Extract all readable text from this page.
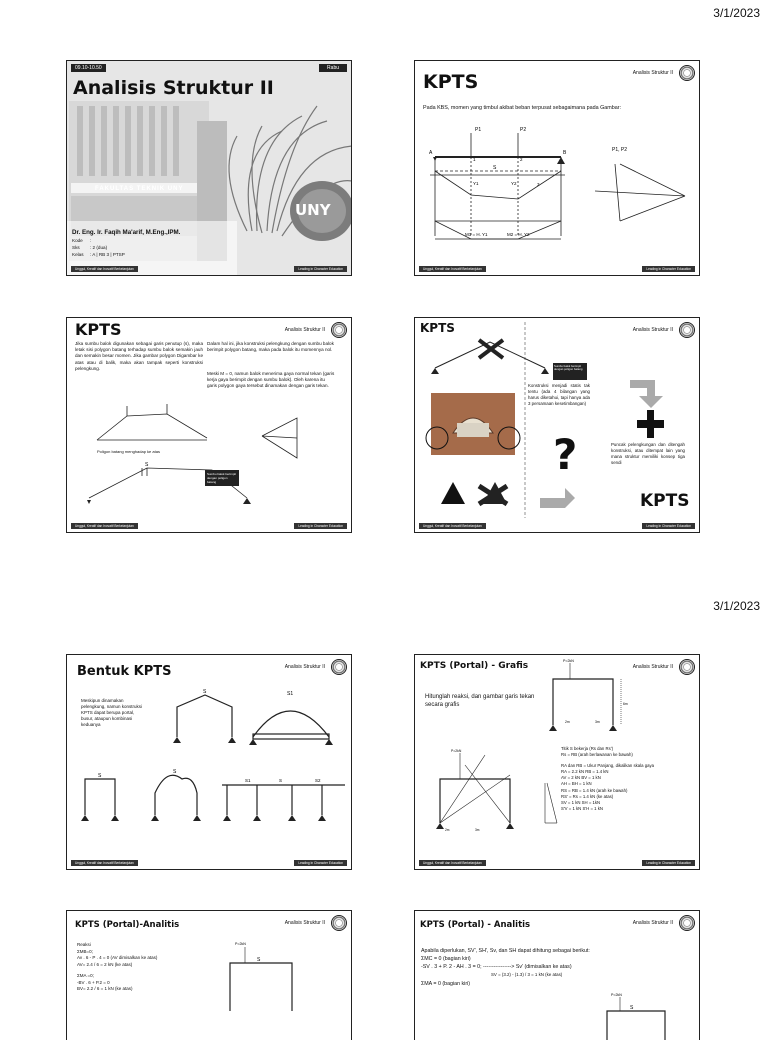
3/1/2023
3/1/2023
09.10-10.50	Rabu
Analisis Struktur II
FAKULTAS TEKNIK UNY
UNY
Dr. Eng. Ir. Faqih Ma'arif, M.Eng.,IPM.
Kode :
Sks : 2 (dua)
Kelas : A | RB 3 | PTSP
Unggul, Kreatif dan Inovatif Berkelanjutan	Leading in Character Education
KPTS	Analisis Struktur II
Pada KBS, momen yang timbul akibat beban terpusat sebagaimana pada Gambar:
P1	P2
A	B
S
1	2
3
Y1	Y2
M1 = H. Y1	M2 = H. Y2
P1, P2
Unggul, Kreatif dan Inovatif Berkelanjutan	Leading in Character Education
KPTS	Analisis Struktur II
Jika sumbu balok digunakan sebagai garis penutup (s), maka letak sisi polygon batang terhadap sumbu balok semakin jauh dan semakin besar momen. Jika gambar polygon Digambar ke atas atau di balik, maka akan tampak seperti konstruksi pelengkung.
Dalam hal ini, jika konstruksi pelengkung dengan sumbu balok berimpit polygon batang, maka pada balok itu momennya nol.
Meski M = 0, namun balok menerima gaya normal tekan (garis kerja gaya berimpit dengan sumbu balok). Oleh karena itu garis polygon gaya tersebut dinamakan dengan garis tekan.
S
Poligon batang menghadap ke atas
Sumbu balok berimpit dengan poligon batang
Unggul, Kreatif dan Inovatif Berkelanjutan	Leading in Character Education
KPTS	Analisis Struktur II
Sumbu balok berimpit dengan poligon batang
Konstruksi menjadi statis tak tentu (ada 4 bilangan yang harus diketahui, tapi hanya ada 3 persamaan kesetimbangan)
?	Puncak pelengkungan dan ditengah konstruksi, atau ditempat lain yang mana struktur memiliki konsep tiga sendi
KPTS
Unggul, Kreatif dan Inovatif Berkelanjutan	Leading in Character Education
Bentuk KPTS	Analisis Struktur II
Meskipun dinamakan pelengkung, namun konstruksi KPTS dapat berupa portal, busur, ataupun kombinasi keduanya
S	S1
S
S
S1	S	S2
Unggul, Kreatif dan Inovatif Berkelanjutan	Leading in Character Education
KPTS (Portal) - Grafis	Analisis Struktur II
Hitunglah reaksi, dan gambar garis tekan secara grafis
P=2kN
P=2kN
6m
2m	3m
2m	3m
Titik S bekerja (Rs dan Rs')
Rs = RB (arah berlawanan ke bawah)
RA dan RB = Ukur Panjang, dikalikan skala gaya
RA = 2.2 kN RB = 1.4 kN
AV = 2 kN BV = 1 kN
AH = BH = 1 kN
RS = RB = 1.4 kN (arah ke bawah)
RS' = Rs = 1.4 kN (ke atas)
SV = 1 kN SH = 1kN
S'V = 1 kN S'H = 1 kN
Unggul, Kreatif dan Inovatif Berkelanjutan	Leading in Character Education
KPTS (Portal)-Analitis	Analisis Struktur II
Reaksi
ΣMB=0;
Av . 6 - P . 4 = 0 (AV dimisalkan ke atas)
AV= 2.4 / 6 = 2 kN (ke atas)
ΣMA =0;
-BV . 6 + P.2 = 0
BV= 2.2 / 6 = 1 kN (ke atas)
P=2kN
S
KPTS (Portal) - Analitis	Analisis Struktur II
Apabila diperlukan, SV', SH', Sv, dan SH dapat dihitung sebagai berikut:
ΣMC = 0 (bagian kiri)
-SV . 3 + P. 2 - AH . 3 = 0; ----------------> Sv' (dimisalkan ke atas)
SV = (3.2) - (1.3) / 3 = 1 kN (ke atas)
ΣMA = 0 (bagian kiri)
P=2kN
S
